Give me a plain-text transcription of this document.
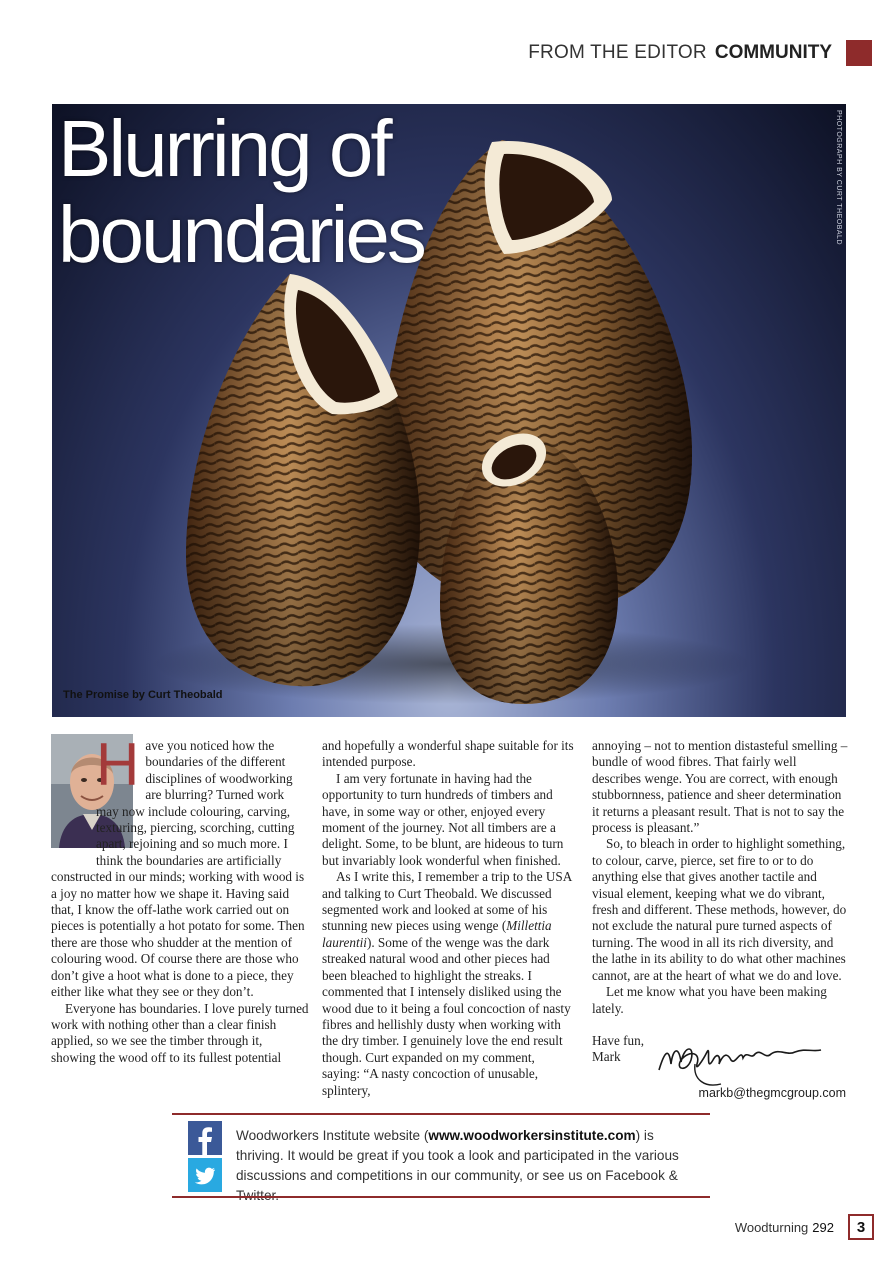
FROM THE EDITOR COMMUNITY
Blurring of
boundaries	PHOTOGRAPH BY CURT THEOBALD
The Promise by Curt Theobald
H ave you noticed how the boundaries of the different disciplines of woodworking are blurring? Turned work may now include colouring, carving, texturing, piercing, scorching, cutting apart, rejoining and so much more. I think the boundaries are artificially constructed in our minds; working with wood is a joy no matter how we shape it. Having said that, I know the off-lathe work carried out on pieces is potentially a hot potato for some. Then there are those who shudder at the mention of colouring wood. Of course there are those who don’t give a hoot what is done to a piece, they either like what they see or they don’t.

Everyone has boundaries. I love purely turned work with nothing other than a clear finish applied, so we see the timber through it, showing the wood off to its fullest potential

and hopefully a wonderful shape suitable for its intended purpose.

I am very fortunate in having had the opportunity to turn hundreds of timbers and have, in some way or other, enjoyed every moment of the journey. Not all timbers are a delight. Some, to be blunt, are hideous to turn but invariably look wonderful when finished.

As I write this, I remember a trip to the USA and talking to Curt Theobald. We discussed segmented work and looked at some of his stunning new pieces using wenge (Millettia laurentii). Some of the wenge was the dark streaked natural wood and other pieces had been bleached to highlight the streaks. I commented that I intensely disliked using the wood due to it being a foul concoction of nasty fibres and hellishly dusty when working with the dry timber. I genuinely love the end result though. Curt expanded on my comment, saying: “A nasty concoction of unusable, splintery,

annoying – not to mention distasteful smelling – bundle of wood fibres. That fairly well describes wenge. You are correct, with enough stubbornness, patience and sheer determination it returns a pleasant result. That is not to say the process is pleasant.”

So, to bleach in order to highlight something, to colour, carve, pierce, set fire to or to do anything else that gives another tactile and visual element, keeping what we do vibrant, fresh and different. These methods, however, do not exclude the natural pure turned aspects of turning. The wood in all its rich diversity, and the lathe in its ability to do what other machines cannot, are at the heart of what we do and love.

Let me know what you have been making lately.

Have fun,

Mark

markb@thegmcgroup.com
Woodworkers Institute website (www.woodworkersinstitute.com) is thriving. It would be great if you took a look and participated in the various discussions and competitions in our community, or see us on Facebook &
Woodturning 292	3
